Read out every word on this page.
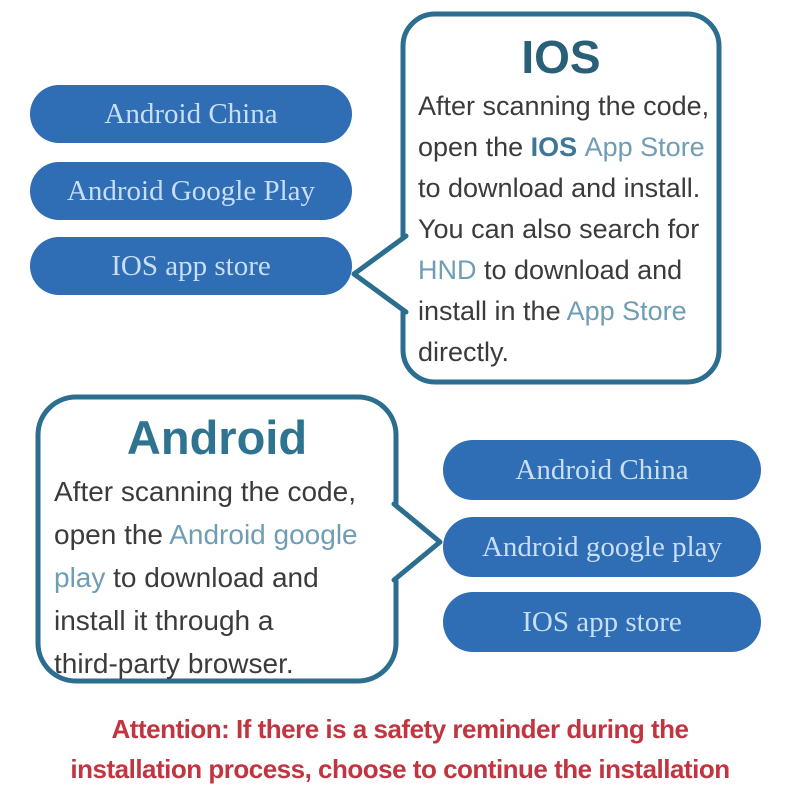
Android China
Android Google Play
IOS app store
Android China
Android google play
IOS app store
IOS
After scanning the code,
open the IOS App Store
to download and install.
You can also search for
HND to download and
install in the App Store
directly.
Android
After scanning the code,
open the Android google
play to download and
install it through a
third-party browser.
Attention: If there is a safety reminder during the
installation process, choose to continue the installation
